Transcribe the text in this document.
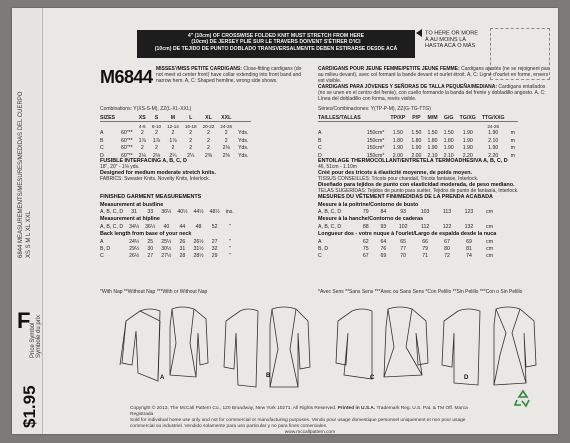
6844 MEASUREMENTS/MESURES/MEDIDAS DEL CUERPO XS S M L XL XXL
Price Symbol Symbole du prix
F
$1.95
4" (10cm) OF CROSSWISE FOLDED KNIT MUST STRETCH FROM HERE
(10cm) DE JERSEY PLIÉ SUR LE TRAVERS DOIVENT S'ÉTIRER D'ICI
(10cm) DE TEJIDO DE PUNTO DOBLADO TRANSVERSALMENTE DEBEN ESTIRARSE DESDE ACÁ
TO HERE OR MORE
À AU MOINS LÀ
HASTA ACÁ O MÁS
M6844 MISSES'/MISS PETITE CARDIGANS: Close-fitting cardigans (do not meet at center front) have collar extending into front band and narrow hem. A, C: Shaped hemline, wrong side shows.
CARDIGANS POUR JEUNE FEMME/PETITE JEUNE FEMME: Cardigans ajustés (ne se rejoignent pas au milieu devant), avec col formant la bande devant et ourlet étroit. A, C: Ligne d'ourlet en forme, envers est visible.
CARDIGANS PARA JÓVENES Y SEÑORAS DE TALLA PEQUEÑA/MEDIANA: Cardigans entallados (no se unen en el centro del frente), con cuello formando la banda del frente y dobladillo angosto. A, C: Línea del dobladillo con forma, revés visible.
Combinations: Y(XS-S-M), ZZ(L-XL-XXL)	Séries/Combinaciones: Y(TP-P-M), ZZ(G-TG-TTG)
SIZES		XS	S	M	L	XL	XXL	
		4-6	8-10	12-14	16-18	20-22	24-26	
A	60"**	2	2	2	2	2	2	Yds.
B	60"**	1⅞	1⅞	1⅞	2	2	2	Yds.
C	60"**	2	2	2	2	2	2⅛	Yds.
D	60"**	2⅛	2⅛	2¼	2¼	2⅜	2⅜	Yds.
TAILLES/TALLAS		TP/XP	P/P	M/M	G/G	TG/XG	TTG/XXG	
							24-26	
A	150cm*	1.50	1.50	1.50	1.50	1.90	1.90	m
B	150cm*	1.80	1.80	1.80	1.80	1.90	2.10	m
C	150cm*	1.90	1.90	1.90	1.90	1.90	1.90	m
D	150cm*	2.00	2.00	2.10	2.10	2.20	2.20	m
FUSIBLE INTERFACING A, B, C, D
18", 20" - 1⅛ yds.
Designed for medium moderate stretch knits.
FABRICS: Sweater Knits, Novelty Knits, Interlock.
ENTOILAGE THERMOCOLLANT/ENTRETELA TERMOADHESIVA A, B, C, D
46, 51cm - 1.10m
Créé pour des tricots à élasticité moyenne, de poids moyen.
TISSUS CONSEILLÉS: Tricots pour chandail, Tricots fantaisie, Interlock.
Diseñado para tejidos de punto con elasticidad moderada, de peso mediano.
TELAS SUGERIDAS: Tejidos de punto para suéter, Tejidos de punto de fantasía, Interlock.
FINISHED GARMENT MEASUREMENTS
Measurement at bustline							
A, B, C, D	31	33	36½	40½	44½	48½	ins.
Measurement at hipline							
A, B, C, D	34½	36½	40	44	48	52	"
Back length from base of your neck							
A	24½	25	25½	26	26½	27	"
B, D	29½	30	30½	31	31½	32	"
C	26½	27	27½	28	28½	29	"
*With Nap **Without Nap ***With or Without Nap
MESURES DU VÊTEMENT FINI/MEDIDAS DE LA PRENDA ACABADA
Mesure à la poitrine/Contorno de busto							
A, B, C, D	79	84	93	103	113	123	cm
Mesure à la hanche/Contorno de caderas							
A, B, C, D	88	93	102	112	122	132	cm
Longueur dos - votre nuque à l'ourlet/Largo de espalda desde la nuca							
A	62	64	65	66	67	69	cm
B, D	75	76	77	79	80	81	cm
C	67	69	70	71	72	74	cm
*Avec Sens **Sans Sens ***Avec ou Sans Sens *Con Pelillo **Sin Pelillo ***Con o Sin Pelillo
A	B	C	D
Copyright © 2013, The McCall Pattern Co., 120 Broadway, New York 10271. All Rights Reserved. Printed in U.S.A. Trademark Reg. U.S. Pat. & TM Off. Marca Registrada
Sold for individual home use only and not for commercial or manufacturing purposes. Vendu pour usage domestique personnel uniquement et non pour usage commercial ou industriel. Vendido solamente para uso particular y no para fines comerciales.
www.mccallpattern.com
